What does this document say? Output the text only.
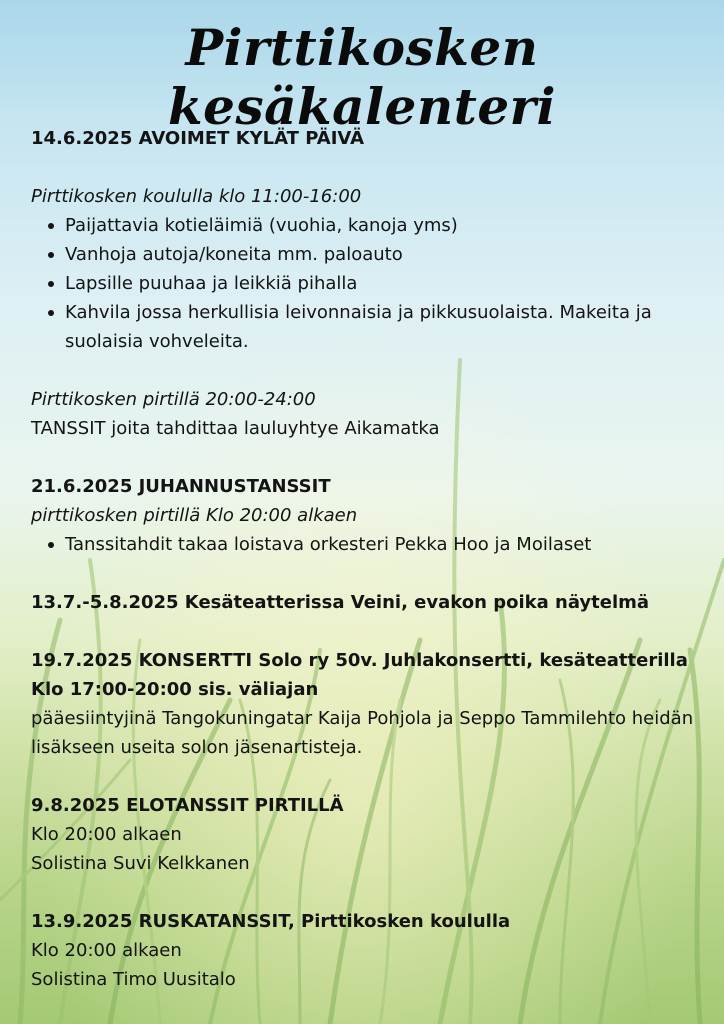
Pirttikosken kesäkalenteri

14.6.2025 AVOIMET KYLÄT PÄIVÄ

Pirttikosken koululla klo 11:00-16:00

Paijattavia kotieläimiä (vuohia, kanoja yms)
Vanhoja autoja/koneita mm. paloauto
Lapsille puuhaa ja leikkiä pihalla
Kahvila jossa herkullisia leivonnaisia ja pikkusuolaista. Makeita ja suolaisia vohveleita.

Pirttikosken pirtillä 20:00-24:00

TANSSIT joita tahdittaa lauluyhtye Aikamatka

21.6.2025 JUHANNUSTANSSIT

pirttikosken pirtillä Klo 20:00 alkaen

Tanssitahdit takaa loistava orkesteri Pekka Hoo ja Moilaset

13.7.-5.8.2025 Kesäteatterissa Veini, evakon poika näytelmä

19.7.2025 KONSERTTI Solo ry 50v. Juhlakonsertti, kesäteatterilla Klo 17:00-20:00 sis. väliajan

pääesiintyjinä Tangokuningatar Kaija Pohjola ja Seppo Tammilehto heidän lisäkseen useita solon jäsenartisteja.

9.8.2025 ELOTANSSIT PIRTILLÄ

Klo 20:00 alkaen

Solistina Suvi Kelkkanen

13.9.2025 RUSKATANSSIT, Pirttikosken koululla

Klo 20:00 alkaen

Solistina Timo Uusitalo
